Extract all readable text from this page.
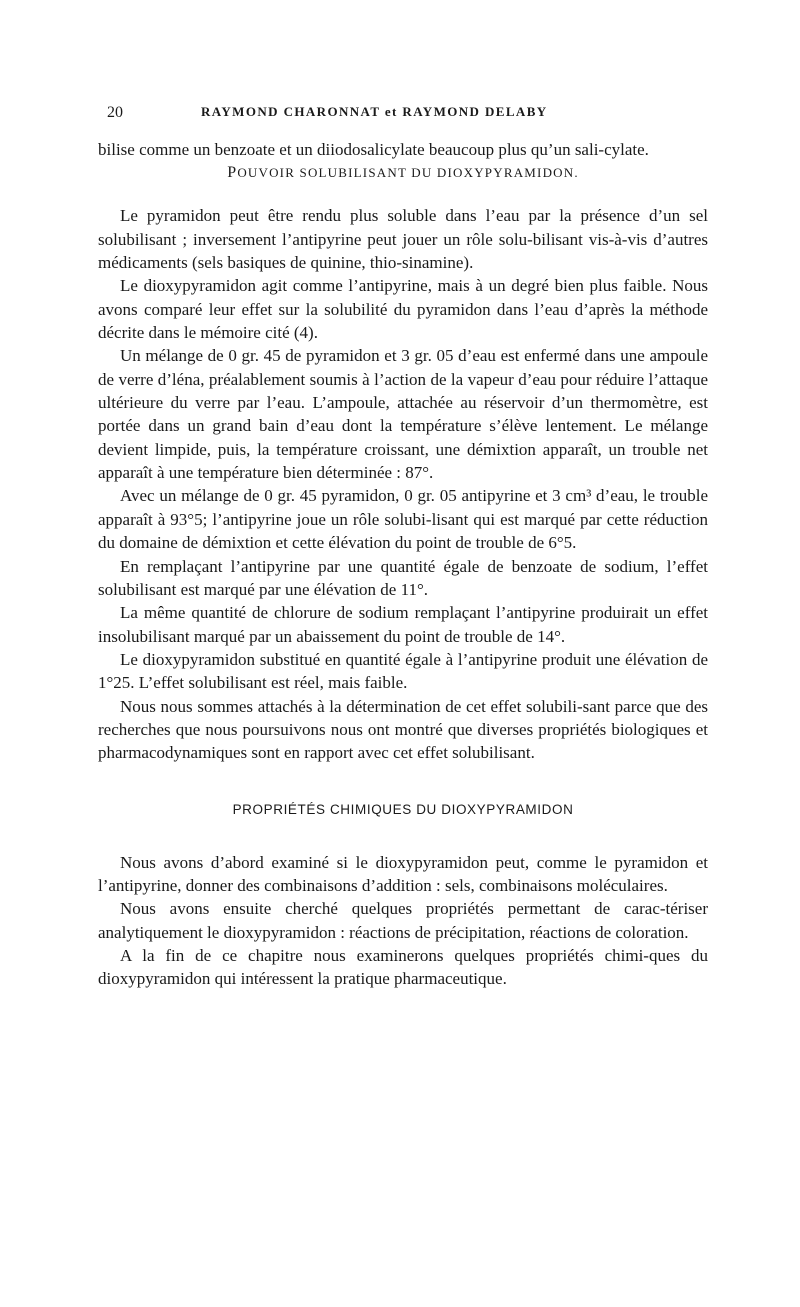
20	RAYMOND CHARONNAT et RAYMOND DELABY

bilise comme un benzoate et un diiodosalicylate beaucoup plus qu’un sali-cylate.

POUVOIR SOLUBILISANT DU DIOXYPYRAMIDON.

Le pyramidon peut être rendu plus soluble dans l’eau par la présence d’un sel solubilisant ; inversement l’antipyrine peut jouer un rôle solu-bilisant vis-à-vis d’autres médicaments (sels basiques de quinine, thio-sinamine).

Le dioxypyramidon agit comme l’antipyrine, mais à un degré bien plus faible. Nous avons comparé leur effet sur la solubilité du pyramidon dans l’eau d’après la méthode décrite dans le mémoire cité (4).

Un mélange de 0 gr. 45 de pyramidon et 3 gr. 05 d’eau est enfermé dans une ampoule de verre d’léna, préalablement soumis à l’action de la vapeur d’eau pour réduire l’attaque ultérieure du verre par l’eau. L’ampoule, attachée au réservoir d’un thermomètre, est portée dans un grand bain d’eau dont la température s’élève lentement. Le mélange devient limpide, puis, la température croissant, une démixtion apparaît, un trouble net apparaît à une température bien déterminée : 87°.

Avec un mélange de 0 gr. 45 pyramidon, 0 gr. 05 antipyrine et 3 cm³ d’eau, le trouble apparaît à 93°5; l’antipyrine joue un rôle solubi-lisant qui est marqué par cette réduction du domaine de démixtion et cette élévation du point de trouble de 6°5.

En remplaçant l’antipyrine par une quantité égale de benzoate de sodium, l’effet solubilisant est marqué par une élévation de 11°.

La même quantité de chlorure de sodium remplaçant l’antipyrine produirait un effet insolubilisant marqué par un abaissement du point de trouble de 14°.

Le dioxypyramidon substitué en quantité égale à l’antipyrine produit une élévation de 1°25. L’effet solubilisant est réel, mais faible.

Nous nous sommes attachés à la détermination de cet effet solubili-sant parce que des recherches que nous poursuivons nous ont montré que diverses propriétés biologiques et pharmacodynamiques sont en rapport avec cet effet solubilisant.

PROPRIÉTÉS CHIMIQUES DU DIOXYPYRAMIDON

Nous avons d’abord examiné si le dioxypyramidon peut, comme le pyramidon et l’antipyrine, donner des combinaisons d’addition : sels, combinaisons moléculaires.

Nous avons ensuite cherché quelques propriétés permettant de carac-tériser analytiquement le dioxypyramidon : réactions de précipitation, réactions de coloration.

A la fin de ce chapitre nous examinerons quelques propriétés chimi-ques du dioxypyramidon qui intéressent la pratique pharmaceutique.
